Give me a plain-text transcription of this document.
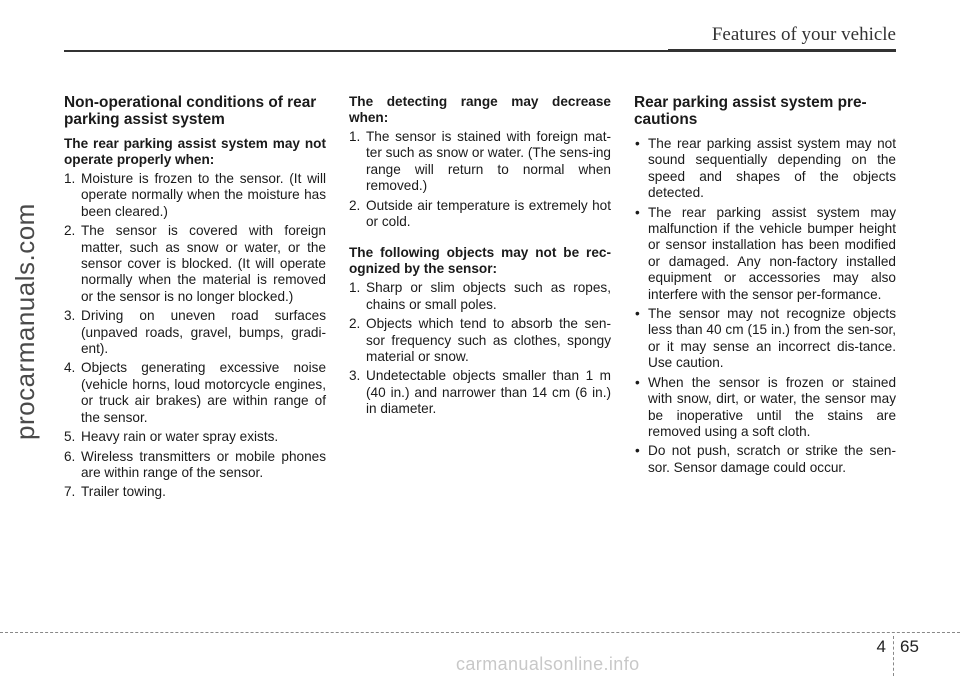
Features of your vehicle
procarmanuals.com
Non-operational conditions of rear parking assist system
The rear parking assist system may not operate properly when:
1. Moisture is frozen to the sensor. (It will operate normally when the moisture has been cleared.)
2. The sensor is covered with foreign matter, such as snow or water, or the sensor cover is blocked. (It will operate normally when the material is removed or the sensor is no longer blocked.)
3. Driving on uneven road surfaces (unpaved roads, gravel, bumps, gradi-ent).
4. Objects generating excessive noise (vehicle horns, loud motorcycle engines, or truck air brakes) are within range of the sensor.
5. Heavy rain or water spray exists.
6. Wireless transmitters or mobile phones are within range of the sensor.
7. Trailer towing.
The detecting range may decrease when:
1. The sensor is stained with foreign mat-ter such as snow or water. (The sens-ing range will return to normal when removed.)
2. Outside air temperature is extremely hot or cold.
The following objects may not be rec-ognized by the sensor:
1. Sharp or slim objects such as ropes, chains or small poles.
2. Objects which tend to absorb the sen-sor frequency such as clothes, spongy material or snow.
3. Undetectable objects smaller than 1 m (40 in.) and narrower than 14 cm (6 in.) in diameter.
Rear parking assist system pre-cautions
• The rear parking assist system may not sound sequentially depending on the speed and shapes of the objects detected.
• The rear parking assist system may malfunction if the vehicle bumper height or sensor installation has been modified or damaged. Any non-factory installed equipment or accessories may also interfere with the sensor per-formance.
• The sensor may not recognize objects less than 40 cm (15 in.) from the sen-sor, or it may sense an incorrect dis-tance. Use caution.
• When the sensor is frozen or stained with snow, dirt, or water, the sensor may be inoperative until the stains are removed using a soft cloth.
• Do not push, scratch or strike the sen-sor. Sensor damage could occur.
4 65
carmanualsonline.info
